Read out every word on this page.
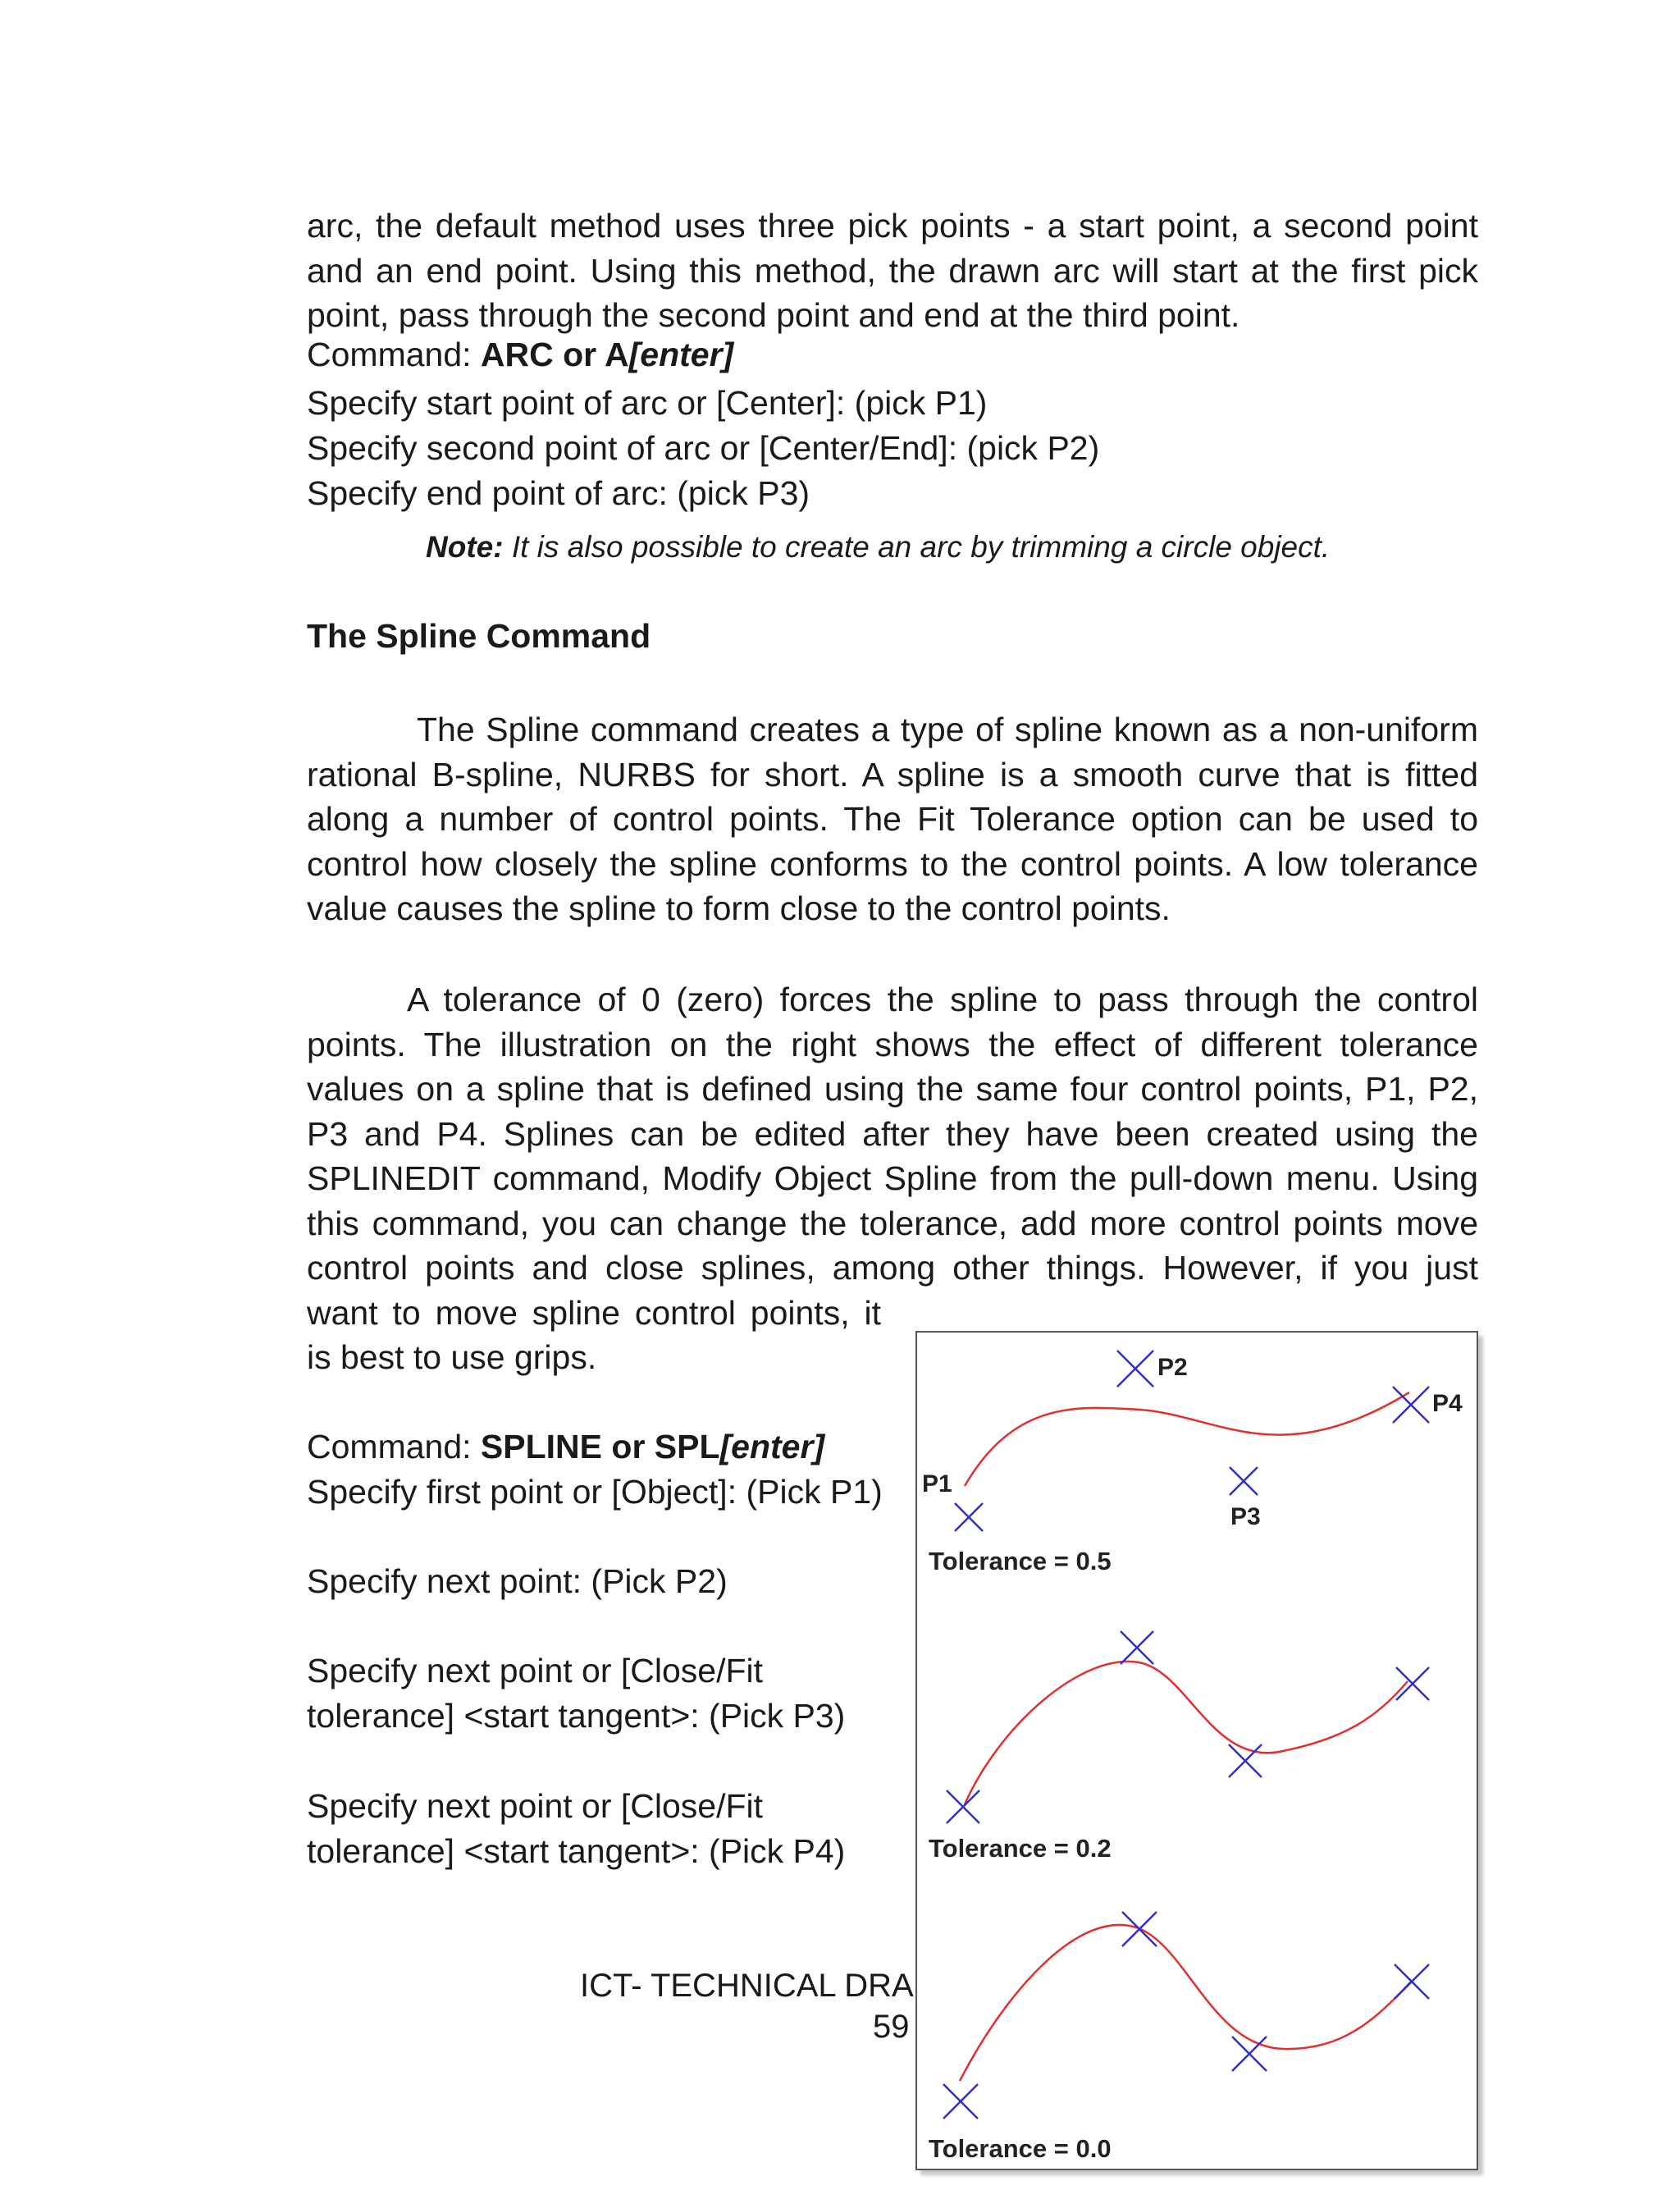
arc, the default method uses three pick points - a start point, a second point

and an end point. Using this method, the drawn arc will start at the first pick

point, pass through the second point and end at the third point.

Command: ARC or A[enter]

Specify start point of arc or [Center]: (pick P1)

Specify second point of arc or [Center/End]: (pick P2)

Specify end point of arc: (pick P3)

Note: It is also possible to create an arc by trimming a circle object.
The Spline Command

The Spline command creates a type of spline known as a non-uniform

rational B-spline, NURBS for short. A spline is a smooth curve that is fitted

along a number of control points. The Fit Tolerance option can be used to

control how closely the spline conforms to the control points. A low tolerance

value causes the spline to form close to the control points.

A tolerance of 0 (zero) forces the spline to pass through the control

points. The illustration on the right shows the effect of different tolerance

values on a spline that is defined using the same four control points, P1, P2,

P3 and P4. Splines can be edited after they have been created using the

SPLINEDIT command, Modify Object Spline from the pull-down menu. Using

this command, you can change the tolerance, add more control points move

control points and close splines, among other things. However, if you just

want to move spline control points, it

is best to use grips.

Command: SPLINE or SPL[enter]

Specify first point or [Object]: (Pick P1)

Specify next point: (Pick P2)

Specify next point or [Close/Fit

tolerance] <start tangent>: (Pick P3)

Specify next point or [Close/Fit

tolerance] <start tangent>: (Pick P4)

ICT- TECHNICAL DRA
59
P2
P4
P3
P1
Tolerance = 0.5
Tolerance = 0.2
Tolerance = 0.0
